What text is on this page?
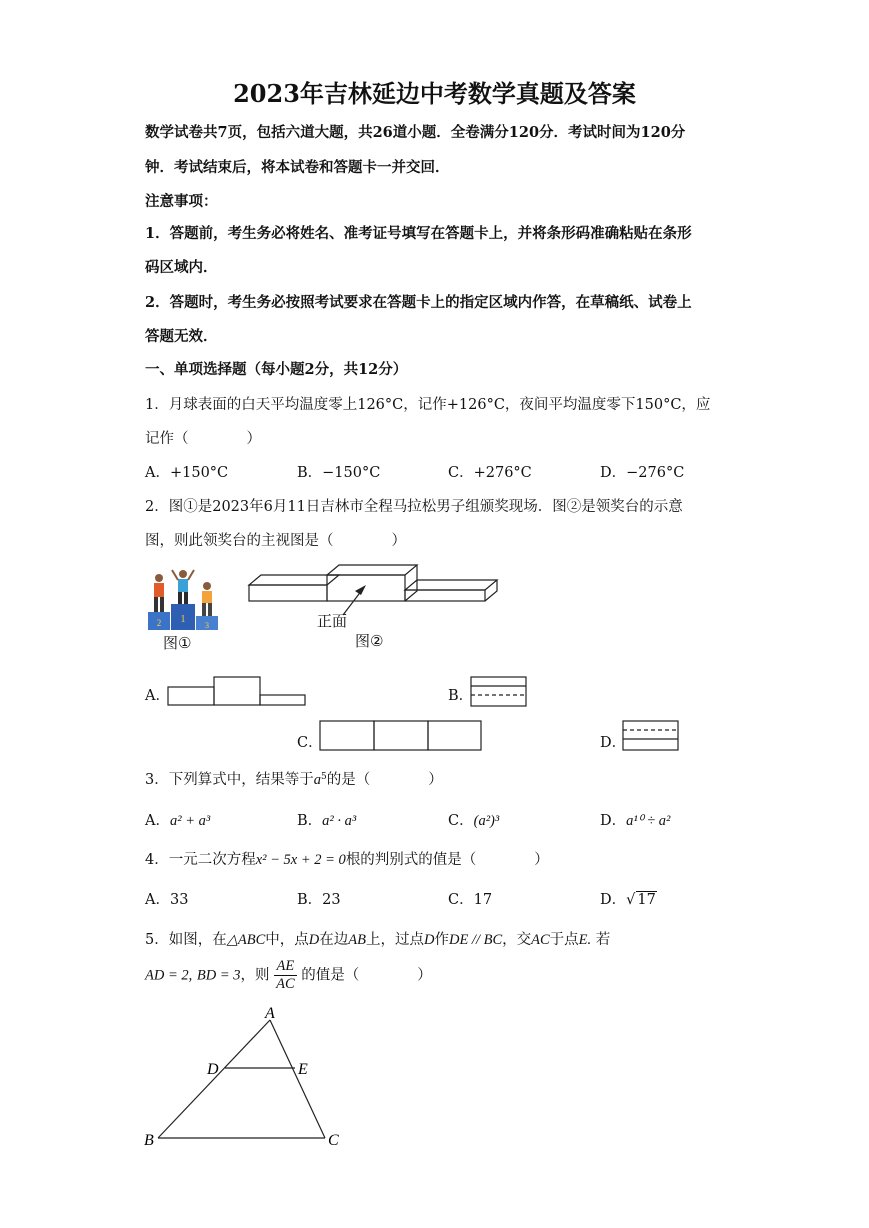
2023年吉林延边中考数学真题及答案
数学试卷共7页，包括六道大题，共26道小题．全卷满分120分．考试时间为120分
钟．考试结束后，将本试卷和答题卡一并交回．
注意事项：
1．答题前，考生务必将姓名、准考证号填写在答题卡上，并将条形码准确粘贴在条形
码区域内．
2．答题时，考生务必按照考试要求在答题卡上的指定区域内作答，在草稿纸、试卷上
答题无效．
一、单项选择题（每小题2分，共12分）
1．月球表面的白天平均温度零上126°C，记作+126°C，夜间平均温度零下150°C，应
记作（　　　　）
A．+150°C	B．−150°C	C．+276°C	D．−276°C
2．图①是2023年6月11日吉林市全程马拉松男子组颁奖现场．图②是领奖台的示意
图，则此领奖台的主视图是（　　　　）
2 1
3
图①
正面
图②
A．	B．
C．	D．
3．下列算式中，结果等于$a^5$的是（　　　　）
A．a² + a³	B．a² · a³	C．(a²)³	D．a¹⁰ ÷ a²
4．一元二次方程x² − 5x + 2 = 0根的判别式的值是（　　　　）
A．33	B．23	C．17	D．√ 17
5．如图，在△ABC中，点D在边AB上，过点D作DE // BC，交AC于点E. 若
AD = 2, BD = 3，则 $\frac{AE}{AC}$ 的值是（　　　　）
A
D	E
B	C
